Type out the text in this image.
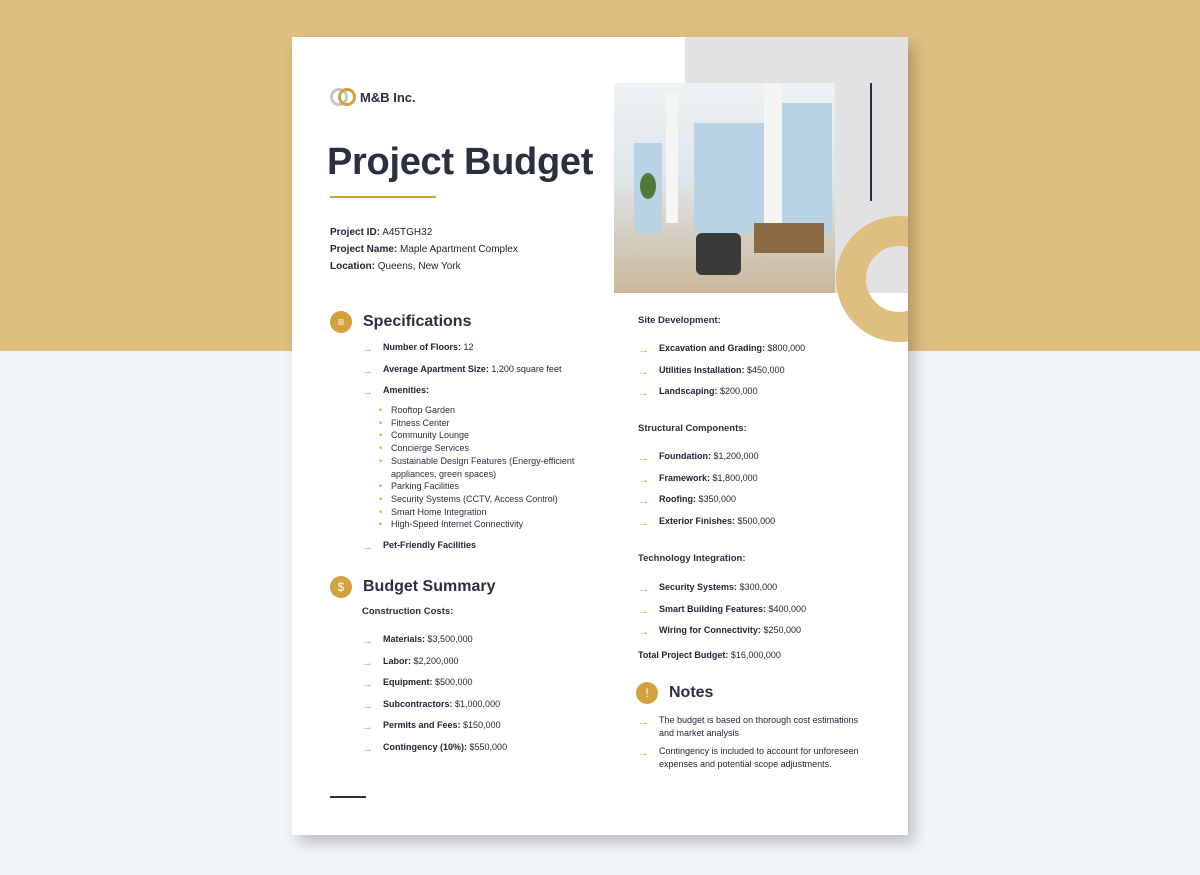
M&B Inc.
Project Budget
Project ID: A45TGH32
Project Name: Maple Apartment Complex
Location: Queens, New York
≡	Specifications
→ Number of Floors: 12
→ Average Apartment Size: 1,200 square feet
→ Amenities:
• Rooftop Garden
• Fitness Center
• Community Lounge
• Concierge Services
• Sustainable Design Features (Energy-efficient appliances, green spaces)
• Parking Facilities
• Security Systems (CCTV, Access Control)
• Smart Home Integration
• High-Speed Internet Connectivity
→ Pet-Friendly Facilities
$	Budget Summary
Construction Costs:
→ Materials: $3,500,000
→ Labor: $2,200,000
→ Equipment: $500,000
→ Subcontractors: $1,000,000
→ Permits and Fees: $150,000
→ Contingency (10%): $550,000
Site Development:
→ Excavation and Grading: $800,000
→ Utilities Installation: $450,000
→ Landscaping: $200,000
Structural Components:
→ Foundation: $1,200,000
→ Framework: $1,800,000
→ Roofing: $350,000
→ Exterior Finishes: $500,000
Technology Integration:
→ Security Systems: $300,000
→ Smart Building Features: $400,000
→ Wiring for Connectivity: $250,000
Total Project Budget: $16,000,000
!	Notes
→ The budget is based on thorough cost estimations and market analysis
→ Contingency is included to account for unforeseen expenses and potential scope adjustments.
